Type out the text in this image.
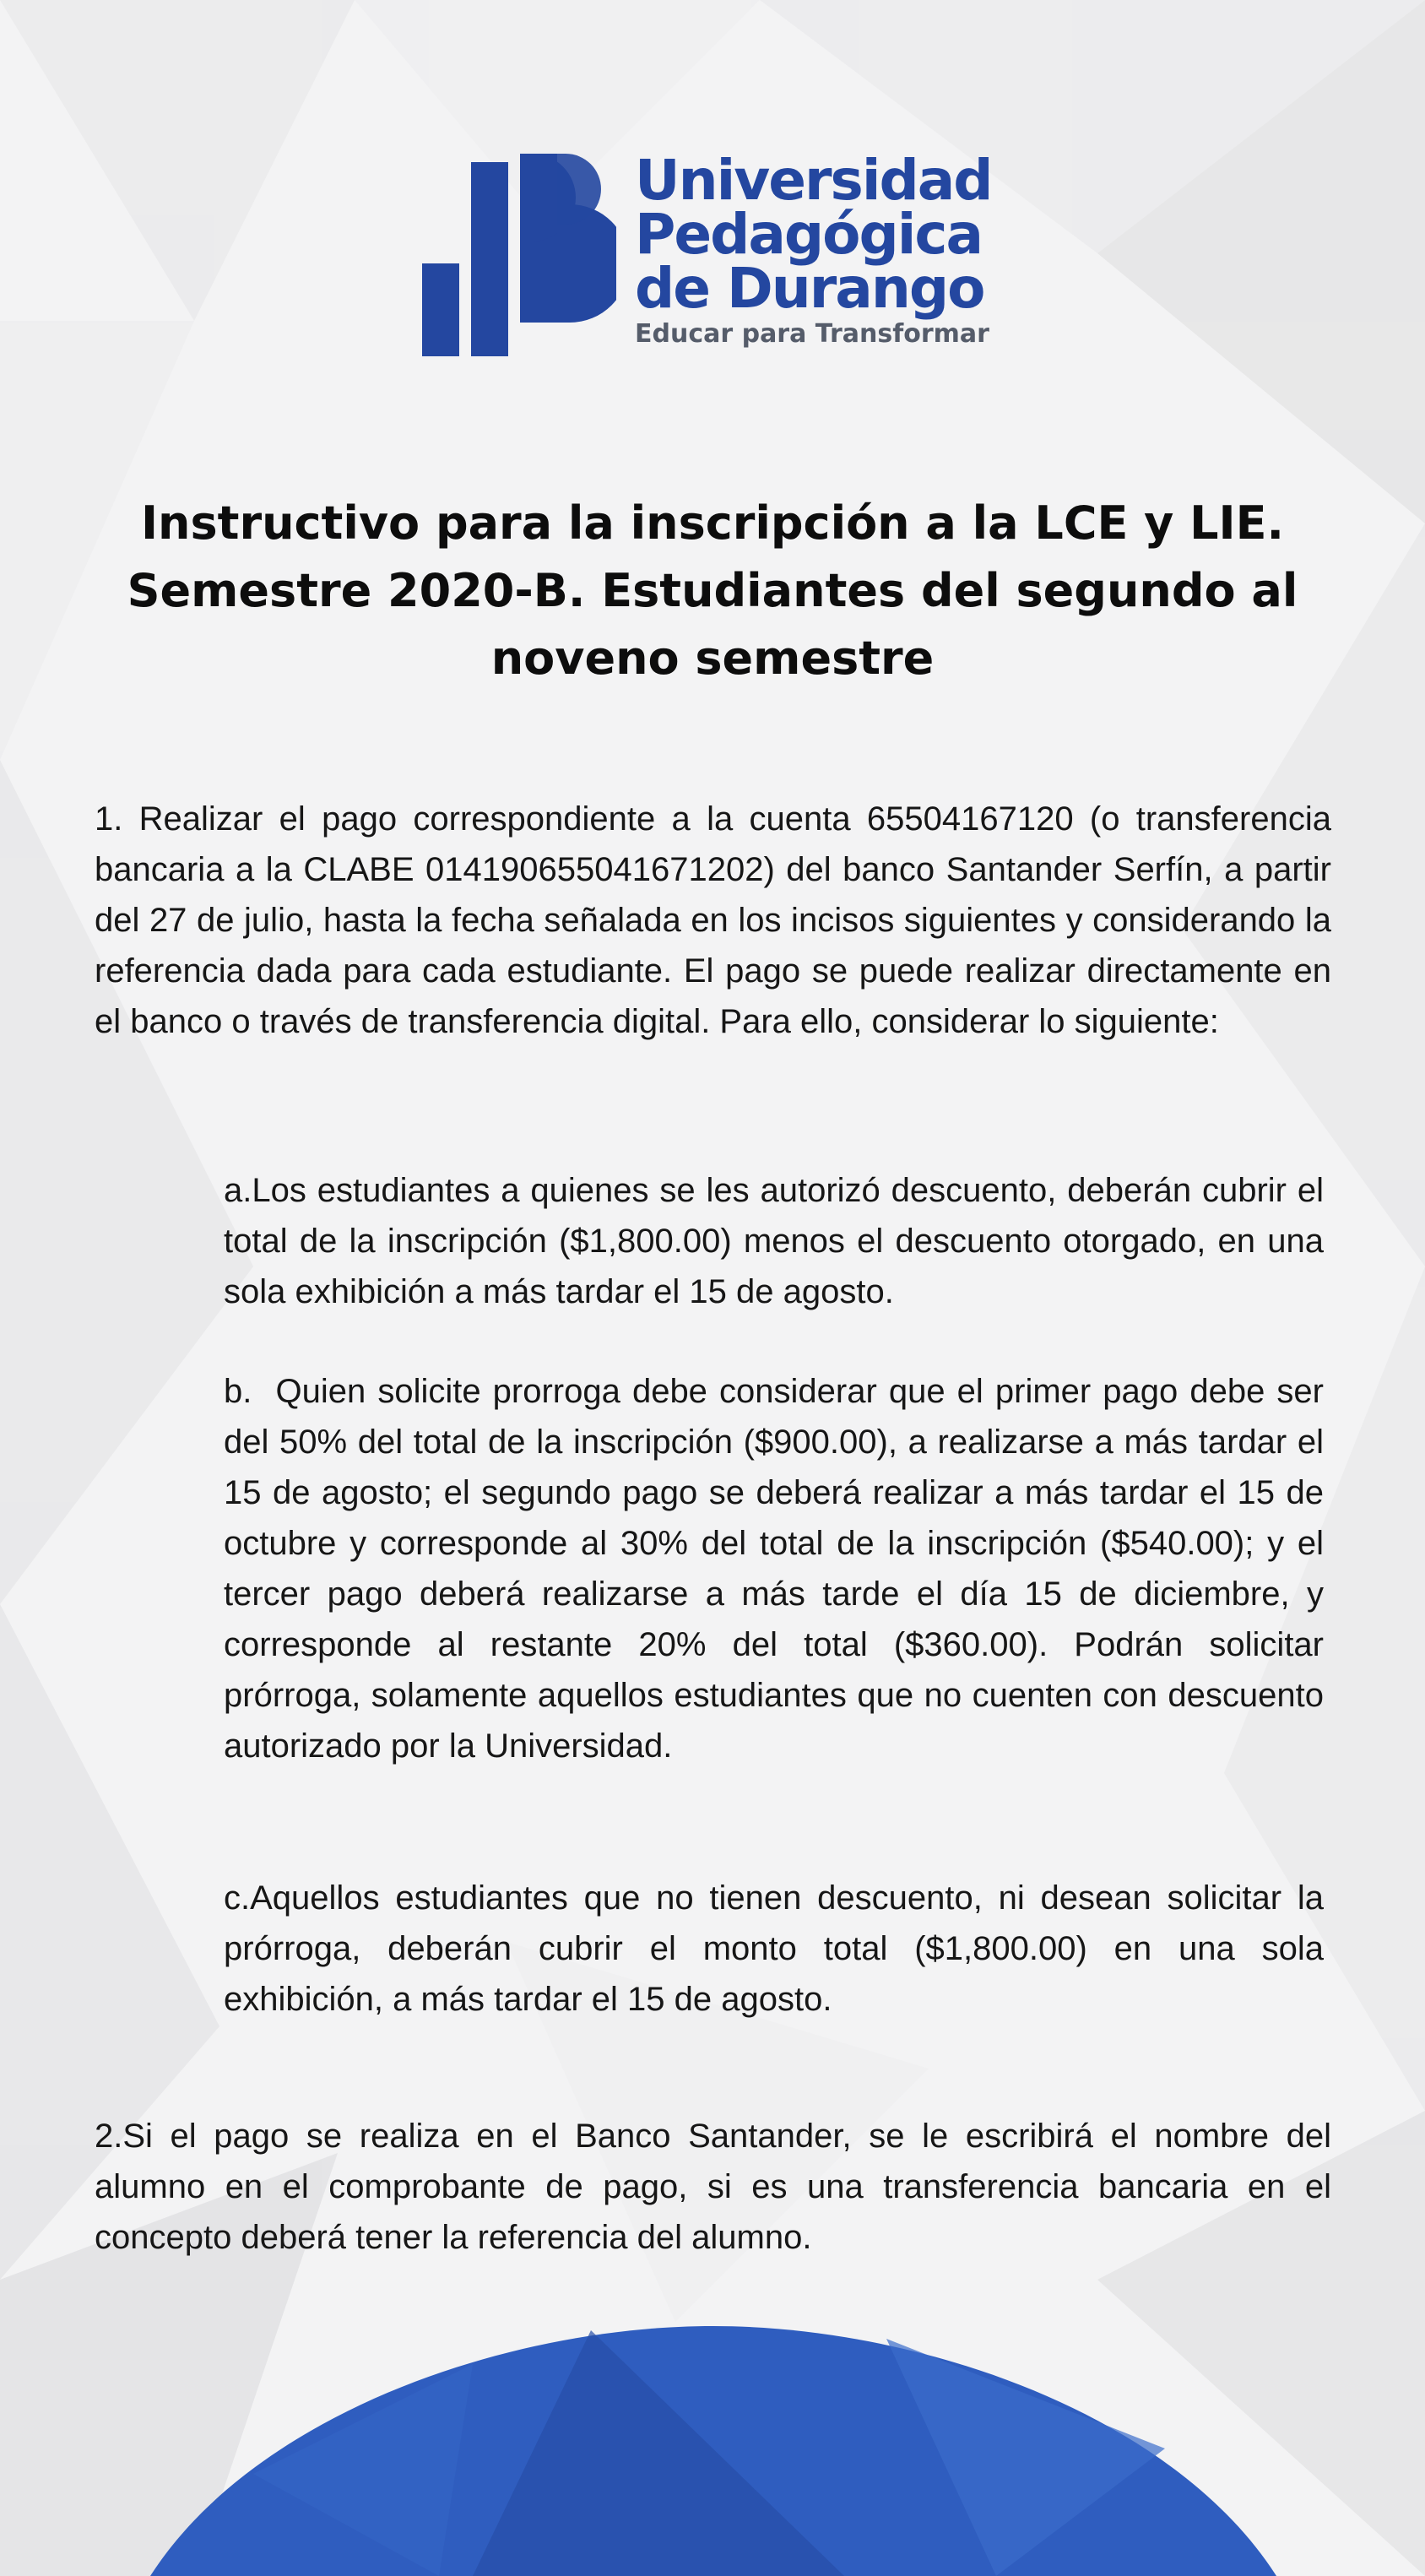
Universidad
Pedagógica
de Durango
Educar para Transformar
Instructivo para la inscripción a la LCE y LIE.
Semestre 2020-B. Estudiantes del segundo al
noveno semestre

1. Realizar el pago correspondiente a la cuenta 65504167120 (o transferencia bancaria a la CLABE 014190655041671202) del banco Santander Serfín, a partir del 27 de julio, hasta la fecha señalada en los incisos siguientes y considerando la referencia dada para cada estudiante. El pago se puede realizar directamente en el banco o través de transferencia digital. Para ello, considerar lo siguiente:

a.Los estudiantes a quienes se les autorizó descuento, deberán cubrir el total de la inscripción ($1,800.00) menos el descuento otorgado, en una sola exhibición a más tardar el 15 de agosto.

b. Quien solicite prorroga debe considerar que el primer pago debe ser del 50% del total de la inscripción ($900.00), a realizarse a más tardar el 15 de agosto; el segundo pago se deberá realizar a más tardar el 15 de octubre y corresponde al 30% del total de la inscripción ($540.00); y el tercer pago deberá realizarse a más tarde el día 15 de diciembre, y corresponde al restante 20% del total ($360.00). Podrán solicitar prórroga, solamente aquellos estudiantes que no cuenten con descuento autorizado por la Universidad.

c.Aquellos estudiantes que no tienen descuento, ni desean solicitar la prórroga, deberán cubrir el monto total ($1,800.00) en una sola exhibición, a más tardar el 15 de agosto.

2.Si el pago se realiza en el Banco Santander, se le escribirá el nombre del alumno en el comprobante de pago, si es una transferencia bancaria en el concepto deberá tener la referencia del alumno.
